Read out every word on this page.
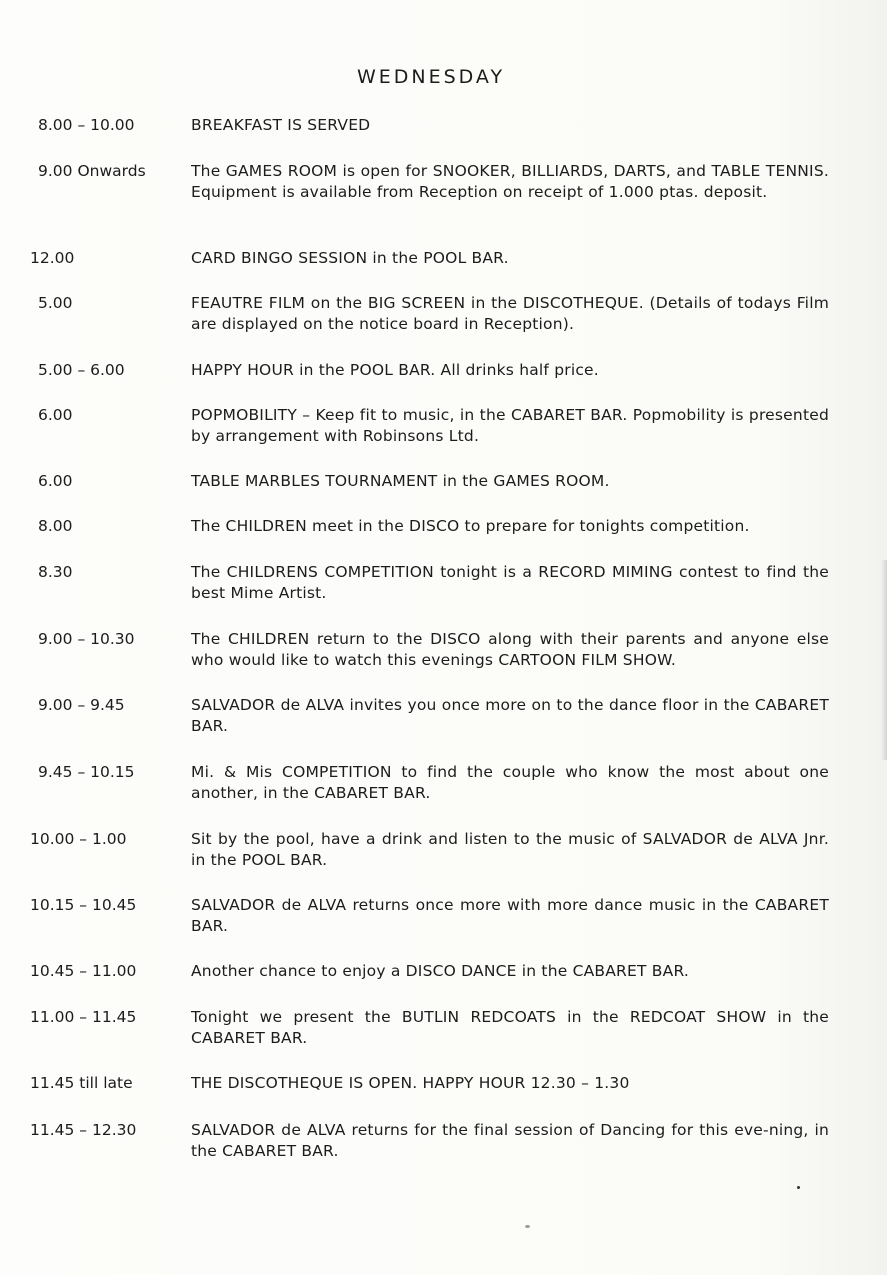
WEDNESDAY
8.00 – 10.00	BREAKFAST IS SERVED
9.00 Onwards	The GAMES ROOM is open for SNOOKER, BILLIARDS, DARTS, and TABLE TENNIS. Equipment is available from Reception on receipt of 1.000 ptas. deposit.
12.00	CARD BINGO SESSION in the POOL BAR.
5.00	FEAUTRE FILM on the BIG SCREEN in the DISCOTHEQUE. (Details of todays Film are displayed on the notice board in Reception).
5.00 – 6.00	HAPPY HOUR in the POOL BAR. All drinks half price.
6.00	POPMOBILITY – Keep fit to music, in the CABARET BAR. Popmobility is presented by arrangement with Robinsons Ltd.
6.00	TABLE MARBLES TOURNAMENT in the GAMES ROOM.
8.00	The CHILDREN meet in the DISCO to prepare for tonights competition.
8.30	The CHILDRENS COMPETITION tonight is a RECORD MIMING contest to find the best Mime Artist.
9.00 – 10.30	The CHILDREN return to the DISCO along with their parents and anyone else who would like to watch this evenings CARTOON FILM SHOW.
9.00 – 9.45	SALVADOR de ALVA invites you once more on to the dance floor in the CABARET BAR.
9.45 – 10.15	Mi. & Mis COMPETITION to find the couple who know the most about one another, in the CABARET BAR.
10.00 – 1.00	Sit by the pool, have a drink and listen to the music of SALVADOR de ALVA Jnr. in the POOL BAR.
10.15 – 10.45	SALVADOR de ALVA returns once more with more dance music in the CABARET BAR.
10.45 – 11.00	Another chance to enjoy a DISCO DANCE in the CABARET BAR.
11.00 – 11.45	Tonight we present the BUTLIN REDCOATS in the REDCOAT SHOW in the CABARET BAR.
11.45 till late	THE DISCOTHEQUE IS OPEN. HAPPY HOUR 12.30 – 1.30
11.45 – 12.30	SALVADOR de ALVA returns for the final session of Dancing for this eve-ning, in the CABARET BAR.
